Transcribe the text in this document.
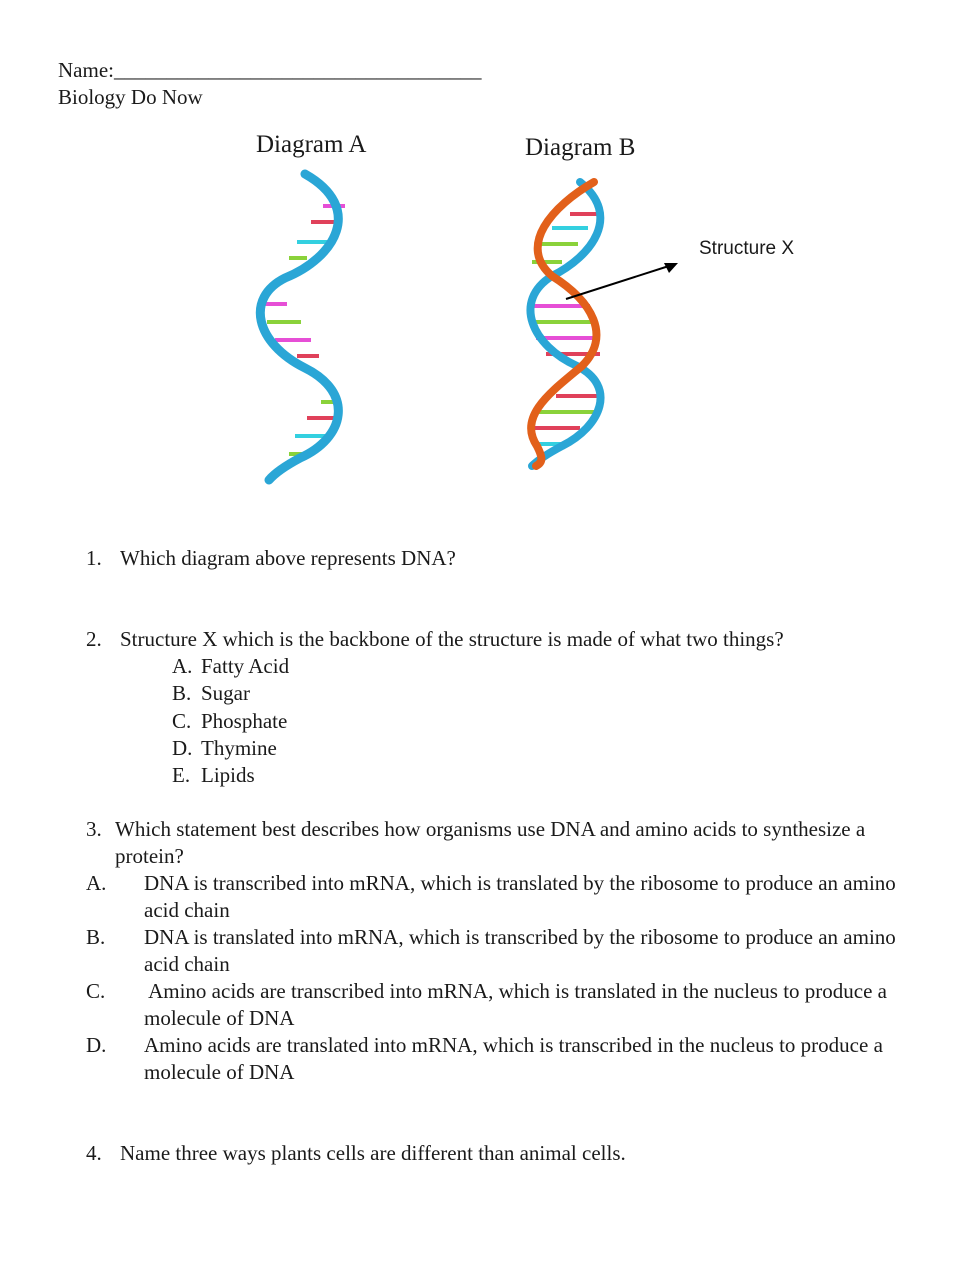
Name:___________________________________
Biology Do Now
Diagram A	Diagram B
Structure X
1. Which diagram above represents DNA?
2. Structure X which is the backbone of the structure is made of what two things?
A. Fatty Acid
B. Sugar
C. Phosphate
D. Thymine
E. Lipids
3. Which statement best describes how organisms use DNA and amino acids to synthesize a protein?
A. DNA is transcribed into mRNA, which is translated by the ribosome to produce an amino acid chain
B. DNA is translated into mRNA, which is transcribed by the ribosome to produce an amino acid chain
C. Amino acids are transcribed into mRNA, which is translated in the nucleus to produce a molecule of DNA
D. Amino acids are translated into mRNA, which is transcribed in the nucleus to produce a molecule of DNA
4. Name three ways plants cells are different than animal cells.
